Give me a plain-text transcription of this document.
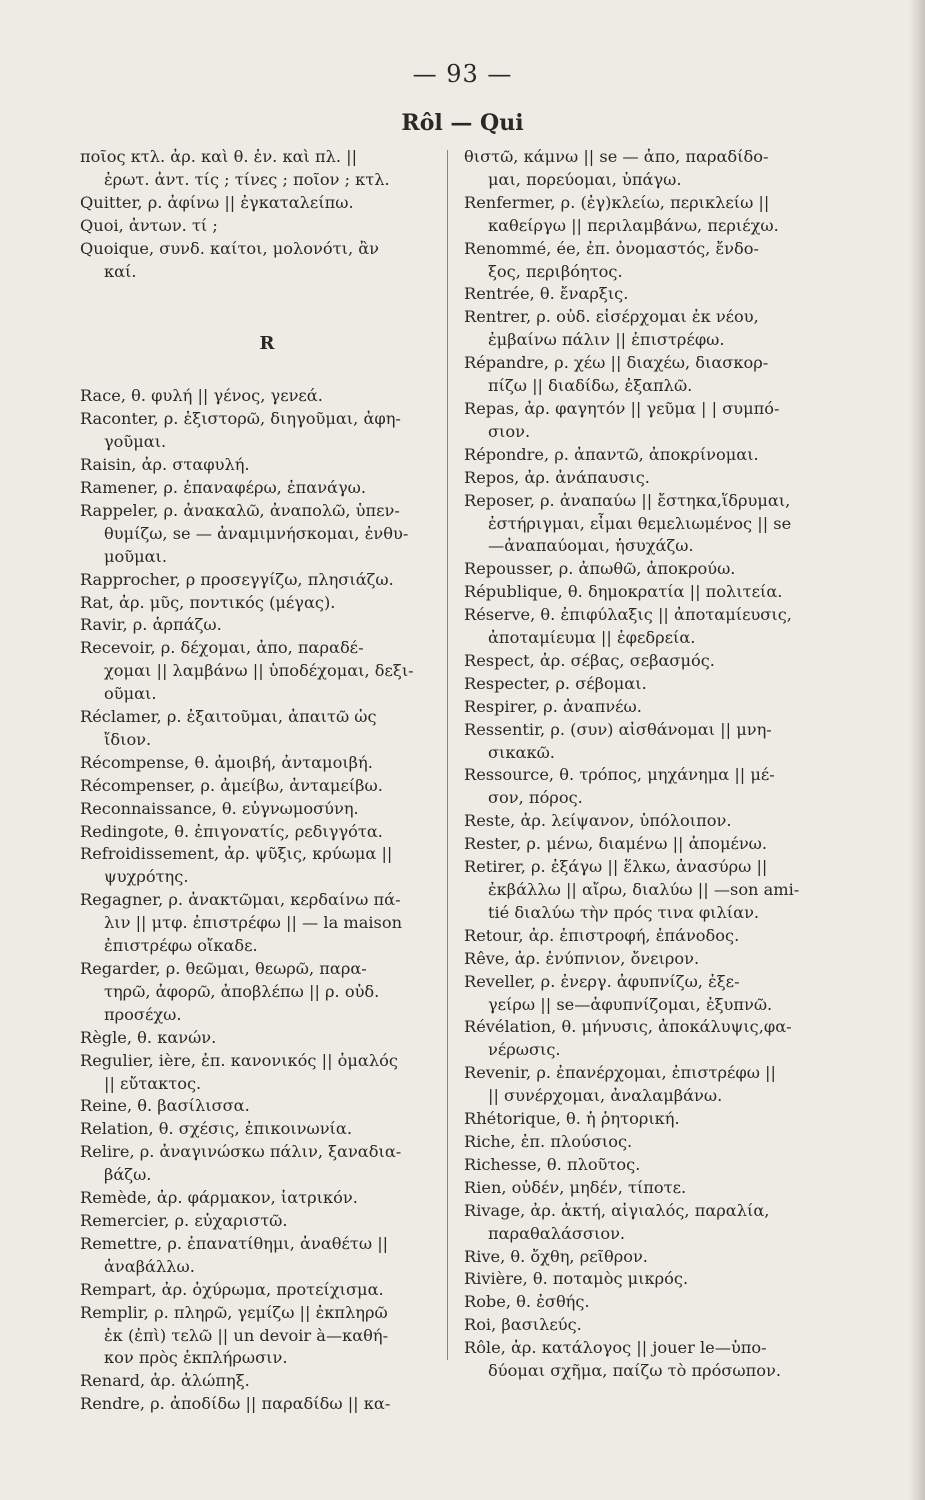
— 93 —
Rôl — Qui
ποῖος κτλ. ἀρ. καὶ θ. ἐν. καὶ πλ. ||
ἐρωτ. ἀντ. τίς ; τίνες ; ποῖον ; κτλ.
Quitter, ρ. ἀφίνω || ἐγκαταλείπω.
Quoi, ἀντων. τί ;
Quoique, συνδ. καίτοι, μολονότι, ἂν
καί.
R
Race, θ. φυλή || γένος, γενεά.
Raconter, ρ. ἐξιστορῶ, διηγοῦμαι, ἀφη-
γοῦμαι.
Raisin, ἀρ. σταφυλή.
Ramener, ρ. ἐπαναφέρω, ἐπανάγω.
Rappeler, ρ. ἀνακαλῶ, ἀναπολῶ, ὑπεν-
θυμίζω, se — ἀναμιμνήσκομαι, ἐνθυ-
μοῦμαι.
Rapprocher, ρ προσεγγίζω, πλησιάζω.
Rat, ἀρ. μῦς, ποντικός (μέγας).
Ravir, ρ. ἁρπάζω.
Recevoir, ρ. δέχομαι, ἀπο, παραδέ-
χομαι || λαμβάνω || ὑποδέχομαι, δεξι-
οῦμαι.
Réclamer, ρ. ἐξαιτοῦμαι, ἀπαιτῶ ὡς
ἴδιον.
Récompense, θ. ἀμοιβή, ἀνταμοιβή.
Récompenser, ρ. ἀμείβω, ἀνταμείβω.
Reconnaissance, θ. εὐγνωμοσύνη.
Redingote, θ. ἐπιγονατίς, ρεδιγγότα.
Refroidissement, ἀρ. ψῦξις, κρύωμα ||
ψυχρότης.
Regagner, ρ. ἀνακτῶμαι, κερδαίνω πά-
λιν || μτφ. ἐπιστρέφω || — la maison
ἐπιστρέφω οἴκαδε.
Regarder, ρ. θεῶμαι, θεωρῶ, παρα-
τηρῶ, ἀφορῶ, ἀποβλέπω || ρ. οὐδ.
προσέχω.
Règle, θ. κανών.
Regulier, ière, ἐπ. κανονικός || ὁμαλός
|| εὔτακτος.
Reine, θ. βασίλισσα.
Relation, θ. σχέσις, ἐπικοινωνία.
Relire, ρ. ἀναγινώσκω πάλιν, ξαναδια-
βάζω.
Remède, ἀρ. φάρμακον, ἰατρικόν.
Remercier, ρ. εὐχαριστῶ.
Remettre, ρ. ἐπανατίθημι, ἀναθέτω ||
ἀναβάλλω.
Rempart, ἀρ. ὀχύρωμα, προτείχισμα.
Remplir, ρ. πληρῶ, γεμίζω || ἐκπληρῶ
ἐκ (ἐπὶ) τελῶ || un devoir à—καθή-
κον πρὸς ἐκπλήρωσιν.
Renard, ἀρ. ἀλώπηξ.
Rendre, ρ. ἀποδίδω || παραδίδω || κα-
θιστῶ, κάμνω || se — ἀπο, παραδίδο-
μαι, πορεύομαι, ὑπάγω.
Renfermer, ρ. (ἐγ)κλείω, περικλείω ||
καθείργω || περιλαμβάνω, περιέχω.
Renommé, ée, ἐπ. ὀνομαστός, ἔνδο-
ξος, περιβόητος.
Rentrée, θ. ἔναρξις.
Rentrer, ρ. οὐδ. εἰσέρχομαι ἐκ νέου,
ἐμβαίνω πάλιν || ἐπιστρέφω.
Répandre, ρ. χέω || διαχέω, διασκορ-
πίζω || διαδίδω, ἐξαπλῶ.
Repas, ἀρ. φαγητόν || γεῦμα | | συμπό-
σιον.
Répondre, ρ. ἀπαντῶ, ἀποκρίνομαι.
Repos, ἀρ. ἀνάπαυσις.
Reposer, ρ. ἀναπαύω || ἔστηκα,ἵδρυμαι,
ἐστήριγμαι, εἶμαι θεμελιωμένος || se
—ἀναπαύομαι, ἡσυχάζω.
Repousser, ρ. ἀπωθῶ, ἀποκρούω.
République, θ. δημοκρατία || πολιτεία.
Réserve, θ. ἐπιφύλαξις || ἀποταμίευσις,
ἀποταμίευμα || ἐφεδρεία.
Respect, ἀρ. σέβας, σεβασμός.
Respecter, ρ. σέβομαι.
Respirer, ρ. ἀναπνέω.
Ressentir, ρ. (συν) αἰσθάνομαι || μνη-
σικακῶ.
Ressource, θ. τρόπος, μηχάνημα || μέ-
σον, πόρος.
Reste, ἀρ. λείψανον, ὑπόλοιπον.
Rester, ρ. μένω, διαμένω || ἀπομένω.
Retirer, ρ. ἐξάγω || ἕλκω, ἀνασύρω ||
ἐκβάλλω || αἴρω, διαλύω || —son ami-
tié διαλύω τὴν πρός τινα φιλίαν.
Retour, ἀρ. ἐπιστροφή, ἐπάνοδος.
Rêve, ἀρ. ἐνύπνιον, ὄνειρον.
Reveller, ρ. ἐνεργ. ἀφυπνίζω, ἐξε-
γείρω || se—ἀφυπνίζομαι, ἐξυπνῶ.
Révélation, θ. μήνυσις, ἀποκάλυψις,φα-
νέρωσις.
Revenir, ρ. ἐπανέρχομαι, ἐπιστρέφω ||
|| συνέρχομαι, ἀναλαμβάνω.
Rhétorique, θ. ἡ ῥητορική.
Riche, ἐπ. πλούσιος.
Richesse, θ. πλοῦτος.
Rien, οὐδέν, μηδέν, τίποτε.
Rivage, ἀρ. ἀκτή, αἰγιαλός, παραλία,
παραθαλάσσιον.
Rive, θ. ὄχθη, ρεῖθρον.
Rivière, θ. ποταμὸς μικρός.
Robe, θ. ἐσθής.
Roi, βασιλεύς.
Rôle, ἀρ. κατάλογος || jouer le—ὑπο-
δύομαι σχῆμα, παίζω τὸ πρόσωπον.
